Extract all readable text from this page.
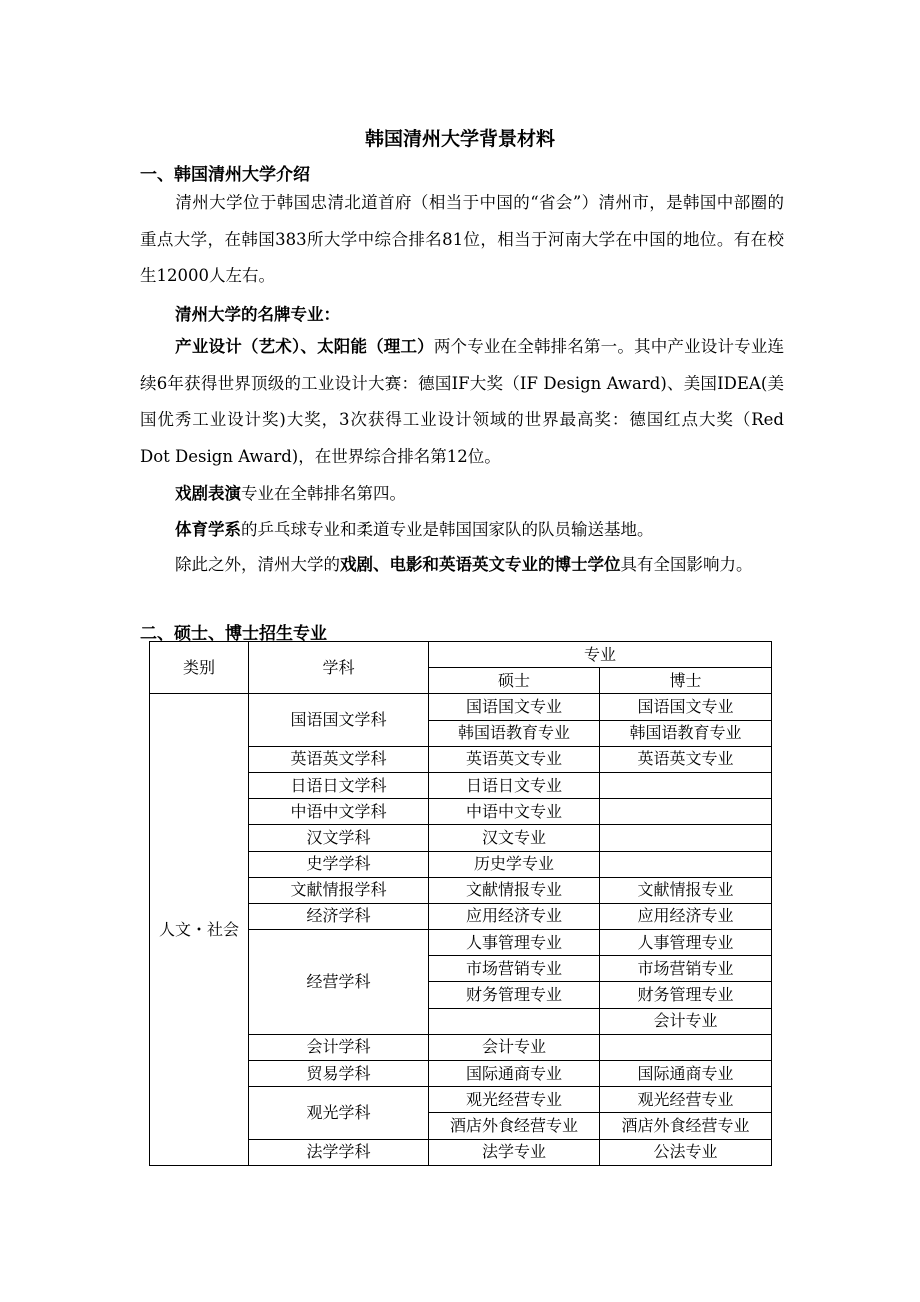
韩国清州大学背景材料
一、韩国清州大学介绍
清州大学位于韩国忠清北道首府（相当于中国的“省会”）清州市，是韩国中部圈的重点大学，在韩国383所大学中综合排名81位，相当于河南大学在中国的地位。有在校生12000人左右。
清州大学的名牌专业：
产业设计（艺术）、太阳能（理工）两个专业在全韩排名第一。其中产业设计专业连续6年获得世界顶级的工业设计大赛：德国IF大奖（IF Design Award)、美国IDEA(美国优秀工业设计奖)大奖，3次获得工业设计领域的世界最高奖：德国红点大奖（Red Dot Design Award)，在世界综合排名第12位。
戏剧表演专业在全韩排名第四。
体育学系的乒乓球专业和柔道专业是韩国国家队的队员输送基地。
除此之外，清州大学的戏剧、电影和英语英文专业的博士学位具有全国影响力。
二、硕士、博士招生专业
类别	学科	专业	
		硕士	博士
人文・社会	国语国文学科	国语国文专业	国语国文专业
		韩国语教育专业	韩国语教育专业
	英语英文学科	英语英文专业	英语英文专业
	日语日文学科	日语日文专业	
	中语中文学科	中语中文专业	
	汉文学科	汉文专业	
	史学学科	历史学专业	
	文献情报学科	文献情报专业	文献情报专业
	经济学科	应用经济专业	应用经济专业
	经营学科	人事管理专业	人事管理专业
		市场营销专业	市场营销专业
		财务管理专业	财务管理专业
			会计专业
	会计学科	会计专业	
	贸易学科	国际通商专业	国际通商专业
	观光学科	观光经营专业	观光经营专业
		酒店外食经营专业	酒店外食经营专业
	法学学科	法学专业	公法专业
